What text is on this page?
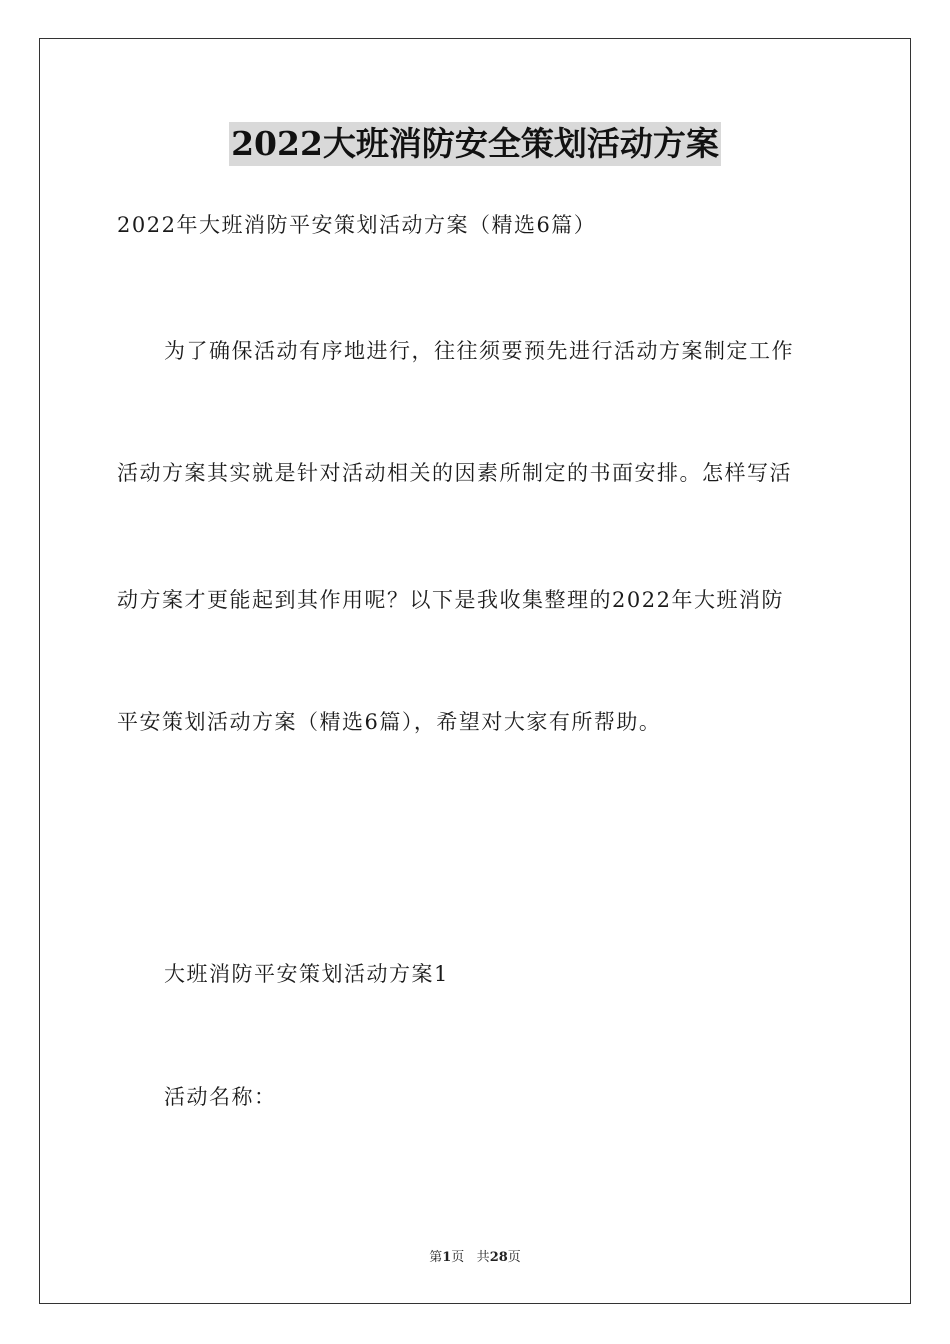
2022大班消防安全策划活动方案
2022年大班消防平安策划活动方案（精选6篇）
为了确保活动有序地进行，往往须要预先进行活动方案制定工作
活动方案其实就是针对活动相关的因素所制定的书面安排。怎样写活
动方案才更能起到其作用呢？以下是我收集整理的2022年大班消防
平安策划活动方案（精选6篇），希望对大家有所帮助。
大班消防平安策划活动方案1
活动名称：
第1页 共28页
